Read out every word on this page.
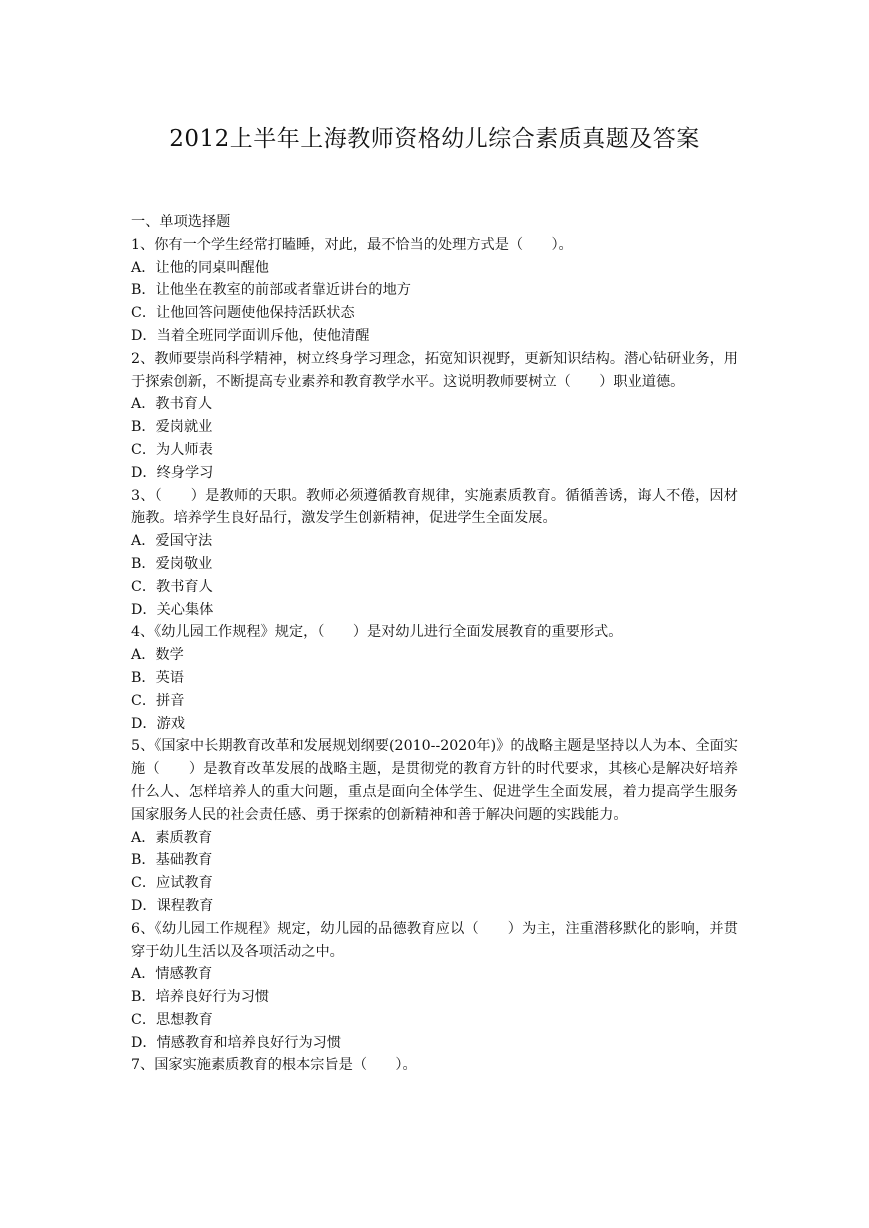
2012上半年上海教师资格幼儿综合素质真题及答案
一、单项选择题
1、你有一个学生经常打瞌睡，对此，最不恰当的处理方式是（　　）。
A．让他的同桌叫醒他
B．让他坐在教室的前部或者靠近讲台的地方
C．让他回答问题使他保持活跃状态
D．当着全班同学面训斥他，使他清醒
2、教师要崇尚科学精神，树立终身学习理念，拓宽知识视野，更新知识结构。潜心钻研业务，用于探索创新，不断提高专业素养和教育教学水平。这说明教师要树立（　　）职业道德。
A．教书育人
B．爱岗就业
C．为人师表
D．终身学习
3、（　　）是教师的天职。教师必须遵循教育规律，实施素质教育。循循善诱，诲人不倦，因材施教。培养学生良好品行，激发学生创新精神，促进学生全面发展。
A．爱国守法
B．爱岗敬业
C．教书育人
D．关心集体
4、《幼儿园工作规程》规定，（　　）是对幼儿进行全面发展教育的重要形式。
A．数学
B．英语
C．拼音
D．游戏
5、《国家中长期教育改革和发展规划纲要(2010--2020年)》的战略主题是坚持以人为本、全面实施（　　）是教育改革发展的战略主题，是贯彻党的教育方针的时代要求，其核心是解决好培养什么人、怎样培养人的重大问题，重点是面向全体学生、促进学生全面发展，着力提高学生服务国家服务人民的社会责任感、勇于探索的创新精神和善于解决问题的实践能力。
A．素质教育
B．基础教育
C．应试教育
D．课程教育
6、《幼儿园工作规程》规定，幼儿园的品德教育应以（　　）为主，注重潜移默化的影响，并贯穿于幼儿生活以及各项活动之中。
A．情感教育
B．培养良好行为习惯
C．思想教育
D．情感教育和培养良好行为习惯
7、国家实施素质教育的根本宗旨是（　　）。
